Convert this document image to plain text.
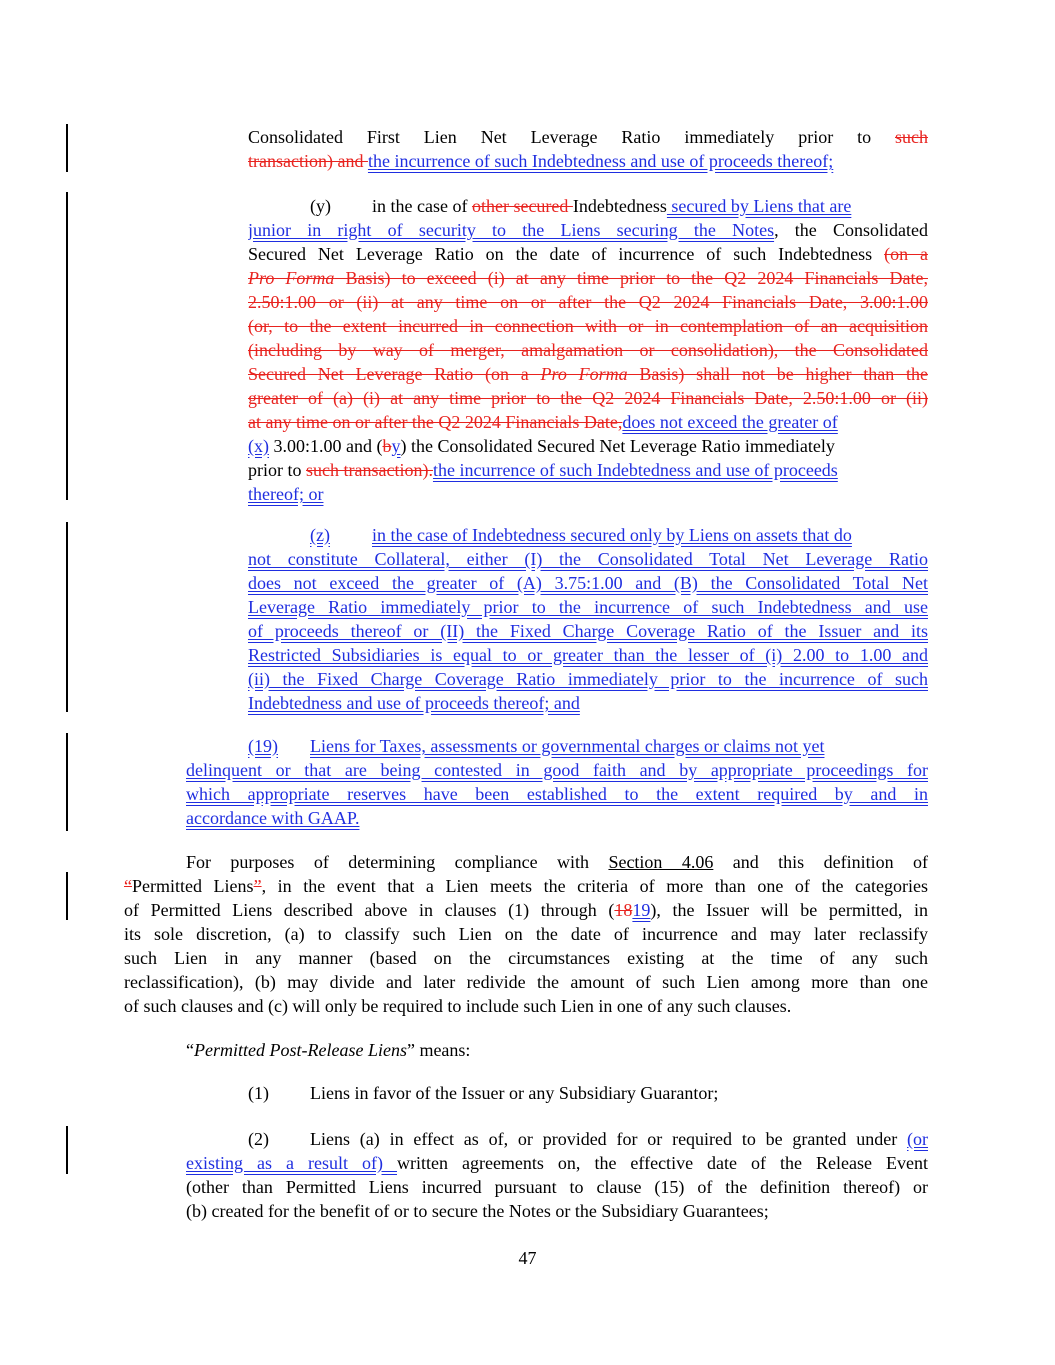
Consolidated First Lien Net Leverage Ratio immediately prior to such
transaction) and the incurrence of such Indebtedness and use of proceeds thereof;
(y) in the case of other secured Indebtedness secured by Liens that are
junior in right of security to the Liens securing the Notes, the Consolidated
Secured Net Leverage Ratio on the date of incurrence of such Indebtedness (on a
Pro Forma Basis) to exceed (i) at any time prior to the Q2 2024 Financials Date,
2.50:1.00 or (ii) at any time on or after the Q2 2024 Financials Date, 3.00:1.00
(or, to the extent incurred in connection with or in contemplation of an acquisition
(including by way of merger, amalgamation or consolidation), the Consolidated
Secured Net Leverage Ratio (on a Pro Forma Basis) shall not be higher than the
greater of (a) (i) at any time prior to the Q2 2024 Financials Date, 2.50:1.00 or (ii)
at any time on or after the Q2 2024 Financials Date,does not exceed the greater of
(x) 3.00:1.00 and (by) the Consolidated Secured Net Leverage Ratio immediately
prior to such transaction).the incurrence of such Indebtedness and use of proceeds
thereof; or
(z) in the case of Indebtedness secured only by Liens on assets that do
not constitute Collateral, either (I) the Consolidated Total Net Leverage Ratio
does not exceed the greater of (A) 3.75:1.00 and (B) the Consolidated Total Net
Leverage Ratio immediately prior to the incurrence of such Indebtedness and use
of proceeds thereof or (II) the Fixed Charge Coverage Ratio of the Issuer and its
Restricted Subsidiaries is equal to or greater than the lesser of (i) 2.00 to 1.00 and
(ii) the Fixed Charge Coverage Ratio immediately prior to the incurrence of such
Indebtedness and use of proceeds thereof; and
(19) Liens for Taxes, assessments or governmental charges or claims not yet
delinquent or that are being contested in good faith and by appropriate proceedings for
which appropriate reserves have been established to the extent required by and in
accordance with GAAP.
For purposes of determining compliance with Section 4.06 and this definition of
“Permitted Liens”, in the event that a Lien meets the criteria of more than one of the categories
of Permitted Liens described above in clauses (1) through (1819), the Issuer will be permitted, in
its sole discretion, (a) to classify such Lien on the date of incurrence and may later reclassify
such Lien in any manner (based on the circumstances existing at the time of any such
reclassification), (b) may divide and later redivide the amount of such Lien among more than one
of such clauses and (c) will only be required to include such Lien in one of any such clauses.
“Permitted Post-Release Liens” means:
(1) Liens in favor of the Issuer or any Subsidiary Guarantor;
(2) Liens (a) in effect as of, or provided for or required to be granted under (or
existing as a result of) written agreements on, the effective date of the Release Event
(other than Permitted Liens incurred pursuant to clause (15) of the definition thereof) or
(b) created for the benefit of or to secure the Notes or the Subsidiary Guarantees;
47
